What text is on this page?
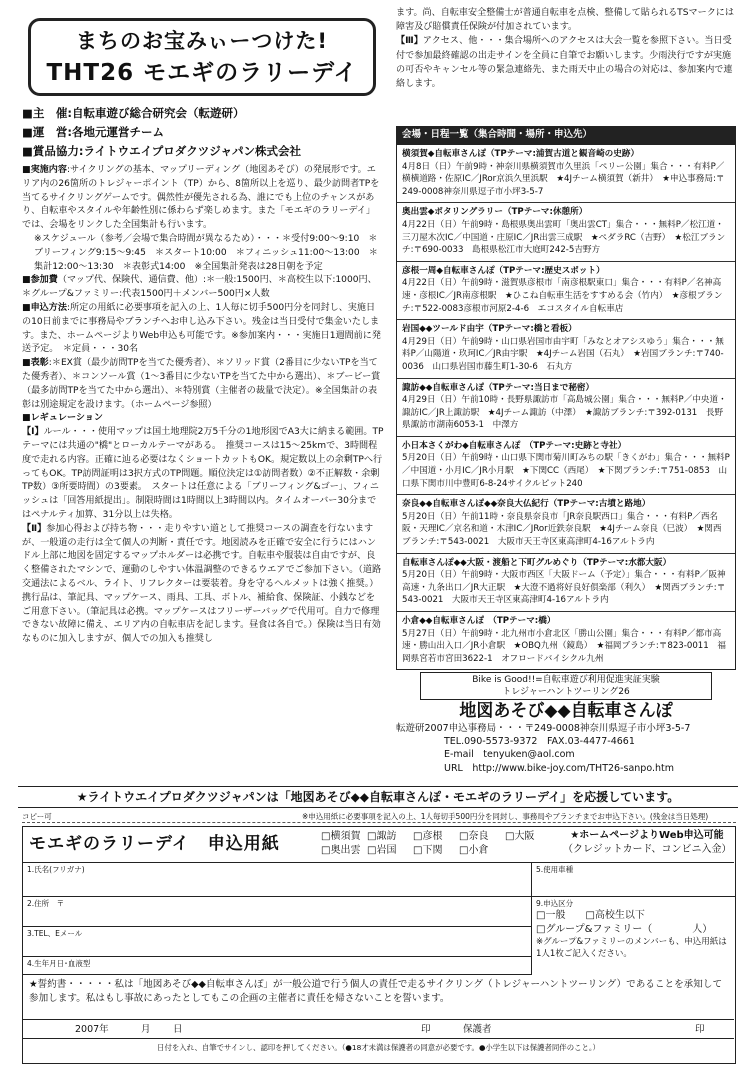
まちのお宝みぃーつけた!
THT26 モエギのラリーデイ
■主　催:自転車遊び総合研究会（転遊研）
■運　営:各地元運営チーム
■賞品協力:ライトウエイプロダクツジャパン株式会社
■実施内容:サイクリングの基本、マップリーディング（地図あそび）の発展形です。エリア内の26箇所のトレジャーポイント（TP）から、8箇所以上を巡り、最少訪問者TPを当てるサイクリングゲームです。偶然性が優先される為、誰にでも上位のチャンスがあり、自転車やスタイルや年齢性別に係わらず楽しめます。また「モエギのラリーデイ」では、会場をリンクした全国集計も行います。
※スケジュール（参考／会場で集合時間が異なるため）・・・＊受付9:00〜9:10　＊ブリーフィング9:15〜9:45　＊スタート10:00　＊フィニッシュ11:00〜13:00　＊集計12:00〜13:30　＊表彰式14:00　※全国集計発表は28日朝を予定
■参加費（マップ代、保険代、通信費、他）:＊一般:1500円、＊高校生以下:1000円、＊グループ&ファミリー:代表1500円＋メンバー500円×人数
■申込方法:所定の用紙に必要事項を記入の上、1人毎に切手500円分を同封し、実施日の10日前までに事務局やブランチへお申し込み下さい。残金は当日受付で集金いたします。また、ホームページよりWeb申込も可能です。※参加案内・・・実施日1週間前に発送予定。　＊定員・・・30名
■表彰:＊EX賞（最少訪問TPを当てた優秀者）、＊ソリッド賞（2番目に少ないTPを当てた優秀者）、＊コンソール賞（1〜3番目に少ないTPを当てた中から選出）、＊ブービー賞（最多訪問TPを当てた中から選出）、＊特別賞（主催者の裁量で決定）。※全国集計の表彰は別途規定を設けます。（ホームページ参照）
■レギュレーション
【Ⅰ】ルール・・・使用マップは国土地理院2万5千分の1地形図でA3大に納まる範囲。TPテーマには共通の"橋"とローカルテーマがある。　推奨コースは15〜25kmで、3時間程度で走れる内容。正確に辿る必要はなくショートカットもOK。規定数以上の余剰TPへ行ってもOK。TP訪問証明は3択方式のTP問題。順位決定は①訪問者数）②不正解数・余剰TP数）③所要時間）の3要素。　スタートは任意による「ブリーフィング&ゴー」、フィニッシュは「回答用紙提出」。制限時間は1時間以上3時間以内。タイムオーバー30分まではペナルティ加算、31分以上は失格。
【Ⅱ】参加心得および持ち物・・・走りやすい道として推奨コースの調査を行ないますが、一般道の走行は全て個人の判断・責任です。地図読みを正確で安全に行うにはハンドル上部に地図を固定するマップホルダーは必携です。自転車や服装は自由ですが、良く整備されたマシンで、運動のしやすい体温調整のできるウエアでご参加下さい。（道路交通法によるベル、ライト、リフレクターは要装着。身を守るヘルメットは強く推奨。）　携行品は、筆記具、マップケース、雨具、工具、ボトル、補給食、保険証、小銭などをご用意下さい。（筆記具は必携。マップケースはフリーザーバッグで代用可。自力で修理できない故障に備え、エリア内の自転車店を記します。昼食は各自で。）保険は当日有効なものに加入しますが、個人での加入も推奨し
ます。尚、自転車安全整備士が普通自転車を点検、整備して貼られるTSマークには障害及び賠償責任保険が付加されています。
【Ⅲ】アクセス、他・・・集合場所へのアクセスは大会一覧を参照下さい。当日受付で参加最終確認の出走サインを全員に自筆でお願いします。少雨決行ですが実施の可否やキャンセル等の緊急連絡先、また雨天中止の場合の対応は、参加案内で連絡します。
会場・日程一覧（集合時間・場所・申込先）
横須賀◆自転車さんぽ（TPテーマ:浦賀古道と観音崎の史跡）
4月8日（日）午前9時・神奈川県横須賀市久里浜「ペリー公園」集合・・・有料P／横横道路・佐原IC／JRor京浜久里浜駅　★4Jチーム横須賀（新井）　★申込事務局:〒249-0008神奈川県逗子市小坪3-5-7
奥出雲◆ポタリングラリー（TPテーマ:休憩所）
4月22日（日）午前9時・島根県奥出雲町「奥出雲CT」集合・・・無料P／松江道・三刀屋木次IC／中国道・庄原IC／JR出雲三成駅　★ペダラRC（吉野）　★松江ブランチ:〒690-0033　島根県松江市大庭町242-5吉野方
彦根一周◆自転車さんぽ（TPテーマ:歴史スポット）
4月22日（日）午前9時・滋賀県彦根市「南彦根駅東口」集合・・・有料P／名神高速・彦根IC／JR南彦根駅　★ひこね自転車生活をすすめる会（竹内）　★彦根ブランチ:〒522-0083彦根市河原2-4-6　エコスタイル自転車店
岩国◆◆ツールド由宇（TPテーマ:橋と看板）
4月29日（日）午前9時・山口県岩国市由宇町「みなとオアシスゆう」集合・・・無料P／山陽道・玖珂IC／JR由宇駅　★4Jチーム岩国（石丸）　★岩国ブランチ:〒740-0036　山口県岩国市藤生町1-30-6　石丸方
諏訪◆◆自転車さんぽ（TPテーマ:当日まで秘密）
4月29日（日）午前10時・長野県諏訪市「高島城公園」集合・・・無料P／中央道・諏訪IC／JR上諏訪駅　★4Jチーム諏訪（中澤）　★諏訪ブランチ:〒392-0131　長野県諏訪市湖南6053-1　中澤方
小日本さくがわ◆自転車さんぽ　（TPテーマ:史跡と寺社）
5月20日（日）午前9時・山口県下関市菊川町みちの駅「きくがわ」集合・・・無料P／中国道・小月IC／JR小月駅　★下関CC（西尾）　★下関ブランチ:〒751-0853　山口県下関市川中豊町6-8-24サイクルピット240
奈良◆◆自転車さんぽ◆◆奈良大仏紀行（TPテーマ:古墳と路地）
5月20日（日）午前11時・奈良県奈良市「JR奈良駅西口」集合・・・有料P／西名阪・天理IC／京名和道・木津IC／JRor近鉄奈良駅　★4Jチーム奈良（巳波）　★関西ブランチ:〒543-0021　大阪市天王寺区東高津町4-16アルトラ内
自転車さんぽ◆◆大阪・渡船と下町グルめぐり（TPテーマ:水都大阪）
5月20日（日）午前9時・大阪市西区「大阪ドーム（予定）」集合・・・有料P／阪神高速・九条出口／JR大正駅　★大澄不過将好良好倶楽部（利久）　★関西ブランチ:〒543-0021　大阪市天王寺区東高津町4-16アルトラ内
小倉◆◆自転車さんぽ　（TPテーマ:橋）
5月27日（日）午前9時・北九州市小倉北区「勝山公園」集合・・・有料P／都市高速・勝山出入口／JR小倉駅　★OBQ九州（鏡島）　★福岡ブランチ:〒823-0011　福岡県宮若市宮田3622-1　オフロードバイシクル九州
Bike is Good!!=自転車遊び利用促進実証実験
トレジャーハントツーリング26
地図あそび◆◆自転車さんぽ
転遊研2007申込事務局・・・〒249-0008神奈川県逗子市小坪3-5-7
TEL.090-5573-9372　FAX.03-4477-4661
E-mail　tenyuken@aol.com
URL　http://www.bike-joy.com/THT26-sanpo.htm
★ライトウエイプロダクツジャパンは「地図あそび◆◆自転車さんぽ・モエギのラリーデイ」を応援しています。
コピー可	※申込用紙に必要事項を記入の上、1人毎切手500円分を同封し、事務局やブランチまでお申込下さい。(残金は当日処理)
モエギのラリーデイ　申込用紙	□横須賀 □諏訪 □彦根 □奈良 □大阪
□奥出雲 □岩国 □下関 □小倉
★ホームページよりWeb申込可能
（クレジットカード、コンビニ入金）
1.氏名(フリガナ)
2.住所　〒
3.TEL、Eメール
4.生年月日･血液型
5.使用車種
9.申込区分
□一般　　□高校生以下
□グループ&ファミリー（　　　　人）
※グループ&ファミリーのメンバーも、申込用紙は1人1枚ご記入ください。
★誓約書・・・・・私は「地図あそび◆◆自転車さんぽ」が一般公道で行う個人の責任で走るサイクリング（トレジャーハントツーリング）であることを承知して参加します。私はもし事故にあったとしてもこの企画の主催者に責任を帰さないことを誓います。
2007年	月 日	印	保護者	印
日付を入れ、自筆でサインし、認印を押してください。（●18才未満は保護者の同意が必要です。●小学生以下は保護者同伴のこと。）
